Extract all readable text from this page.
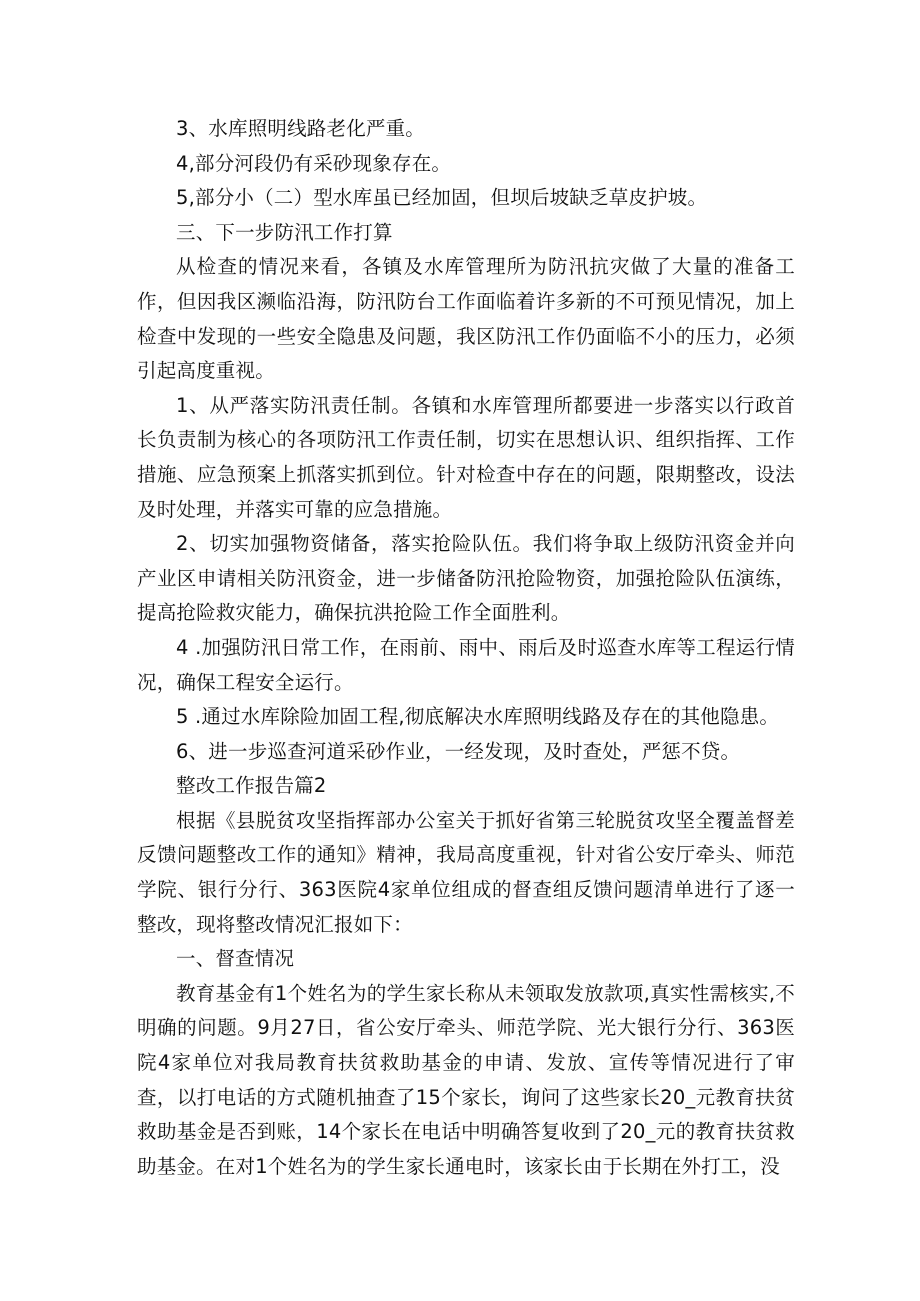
3、水库照明线路老化严重。

4,部分河段仍有采砂现象存在。

5,部分小（二）型水库虽已经加固，但坝后坡缺乏草皮护坡。

三、下一步防汛工作打算

从检查的情况来看，各镇及水库管理所为防汛抗灾做了大量的准备工作，但因我区濒临沿海，防汛防台工作面临着许多新的不可预见情况，加上检查中发现的一些安全隐患及问题，我区防汛工作仍面临不小的压力，必须引起高度重视。

1、从严落实防汛责任制。各镇和水库管理所都要进一步落实以行政首长负责制为核心的各项防汛工作责任制，切实在思想认识、组织指挥、工作措施、应急预案上抓落实抓到位。针对检查中存在的问题，限期整改，设法及时处理，并落实可靠的应急措施。

2、切实加强物资储备，落实抢险队伍。我们将争取上级防汛资金并向产业区申请相关防汛资金，进一步储备防汛抢险物资，加强抢险队伍演练，提高抢险救灾能力，确保抗洪抢险工作全面胜利。

4 .加强防汛日常工作，在雨前、雨中、雨后及时巡查水库等工程运行情况，确保工程安全运行。

5 .通过水库除险加固工程,彻底解决水库照明线路及存在的其他隐患。

6、进一步巡查河道采砂作业，一经发现，及时查处，严惩不贷。

整改工作报告篇2

根据《县脱贫攻坚指挥部办公室关于抓好省第三轮脱贫攻坚全覆盖督差反馈问题整改工作的通知》精神，我局高度重视，针对省公安厅牵头、师范学院、银行分行、363医院4家单位组成的督查组反馈问题清单进行了逐一整改，现将整改情况汇报如下：

一、督查情况

教育基金有1个姓名为的学生家长称从未领取发放款项,真实性需核实,不明确的问题。9月27日，省公安厅牵头、师范学院、光大银行分行、363医院4家单位对我局教育扶贫救助基金的申请、发放、宣传等情况进行了审查，以打电话的方式随机抽查了15个家长，询问了这些家长20_元教育扶贫救助基金是否到账，14个家长在电话中明确答复收到了20_元的教育扶贫救助基金。在对1个姓名为的学生家长通电时，该家长由于长期在外打工，没
